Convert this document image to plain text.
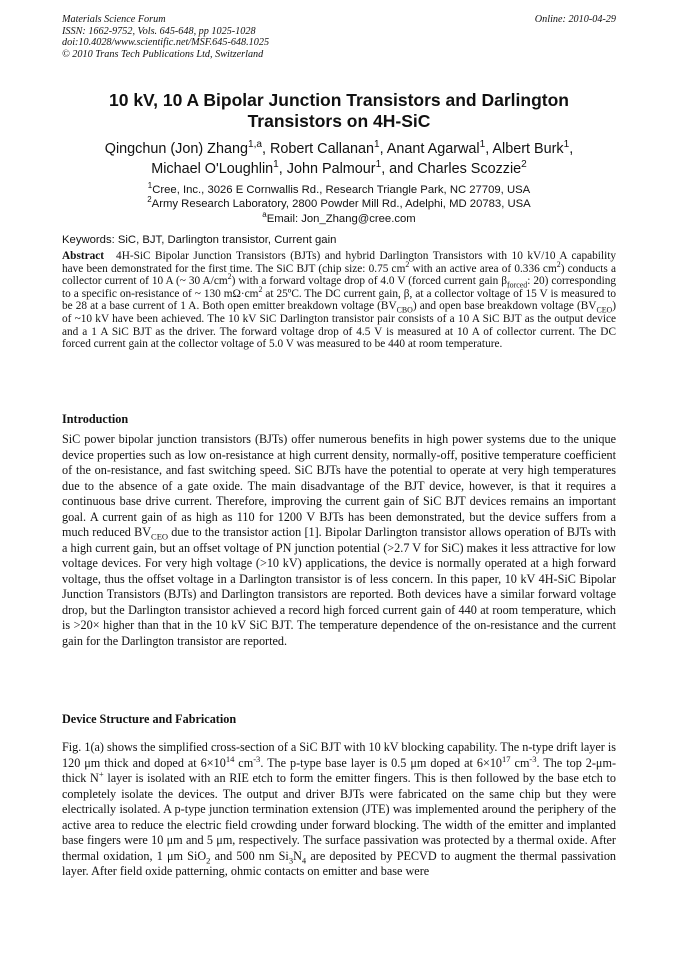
Materials Science Forum
ISSN: 1662-9752, Vols. 645-648, pp 1025-1028
doi:10.4028/www.scientific.net/MSF.645-648.1025
© 2010 Trans Tech Publications Ltd, Switzerland
Online: 2010-04-29
10 kV, 10 A Bipolar Junction Transistors and Darlington
Transistors on 4H-SiC
Qingchun (Jon) Zhang$^{1,a}$, Robert Callanan$^1$, Anant Agarwal$^1$, Albert Burk$^1$,
Michael O'Loughlin$^1$, John Palmour$^1$, and Charles Scozzie$^2$
$^1$Cree, Inc., 3026 E Cornwallis Rd., Research Triangle Park, NC 27709, USA
$^2$Army Research Laboratory, 2800 Powder Mill Rd., Adelphi, MD 20783, USA
$^a$Email: Jon_Zhang@cree.com
Keywords: SiC, BJT, Darlington transistor, Current gain
Abstract 4H-SiC Bipolar Junction Transistors (BJTs) and hybrid Darlington Transistors with 10 kV/10 A capability have been demonstrated for the first time. The SiC BJT (chip size: 0.75 $cm^2$ with an active area of 0.336 $cm^2$) conducts a collector current of 10 A (~ 30 $A/cm^2$) with a forward voltage drop of 4.0 V (forced current gain $\beta_{forced}$: 20) corresponding to a specific on-resistance of ~ 130 $m\Omega\cdot cm^2$ at 25ºC. The DC current gain, β, at a collector voltage of 15 V is measured to be 28 at a base current of 1 A. Both open emitter breakdown voltage $(BV_{CBO})$ and open base breakdown voltage $(BV_{CEO})$ of ~10 kV have been achieved. The 10 kV SiC Darlington transistor pair consists of a 10 A SiC BJT as the output device and a 1 A SiC BJT as the driver. The forward voltage drop of 4.5 V is measured at 10 A of collector current. The DC forced current gain at the collector voltage of 5.0 V was measured to be 440 at room temperature.
Introduction
SiC power bipolar junction transistors (BJTs) offer numerous benefits in high power systems due to the unique device properties such as low on-resistance at high current density, normally-off, positive temperature coefficient of the on-resistance, and fast switching speed. SiC BJTs have the potential to operate at very high temperatures due to the absence of a gate oxide. The main disadvantage of the BJT device, however, is that it requires a continuous base drive current. Therefore, improving the current gain of SiC BJT devices remains an important goal. A current gain of as high as 110 for 1200 V BJTs has been demonstrated, but the device suffers from a much reduced $BV_{CEO}$ due to the transistor action [1]. Bipolar Darlington transistor allows operation of BJTs with a high current gain, but an offset voltage of PN junction potential (>2.7 V for SiC) makes it less attractive for low voltage devices. For very high voltage (>10 kV) applications, the device is normally operated at a high forward voltage, thus the offset voltage in a Darlington transistor is of less concern. In this paper, 10 kV 4H-SiC Bipolar Junction Transistors (BJTs) and Darlington transistors are reported. Both devices have a similar forward voltage drop, but the Darlington transistor achieved a record high forced current gain of 440 at room temperature, which is >20× higher than that in the 10 kV SiC BJT. The temperature dependence of the on-resistance and the current gain for the Darlington transistor are reported.
Device Structure and Fabrication
Fig. 1(a) shows the simplified cross-section of a SiC BJT with 10 kV blocking capability. The n-type drift layer is 120 μm thick and doped at $6\times 10^{14}$ $cm^{-3}$. The p-type base layer is 0.5 μm doped at $6\times 10^{17}$ $cm^{-3}$. The top 2-μm-thick N+ layer is isolated with an RIE etch to form the emitter fingers. This is then followed by the base etch to completely isolate the devices. The output and driver BJTs were fabricated on the same chip but they were electrically isolated. A p-type junction termination extension (JTE) was implemented around the periphery of the active area to reduce the electric field crowding under forward blocking. The width of the emitter and implanted base fingers were 10 μm and 5 μm, respectively. The surface passivation was protected by a thermal oxide. After thermal oxidation, 1 μm SiO$_2$ and 500 nm $Si_3N_4$ are deposited by PECVD to augment the thermal passivation layer. After field oxide patterning, ohmic contacts on emitter and base were
